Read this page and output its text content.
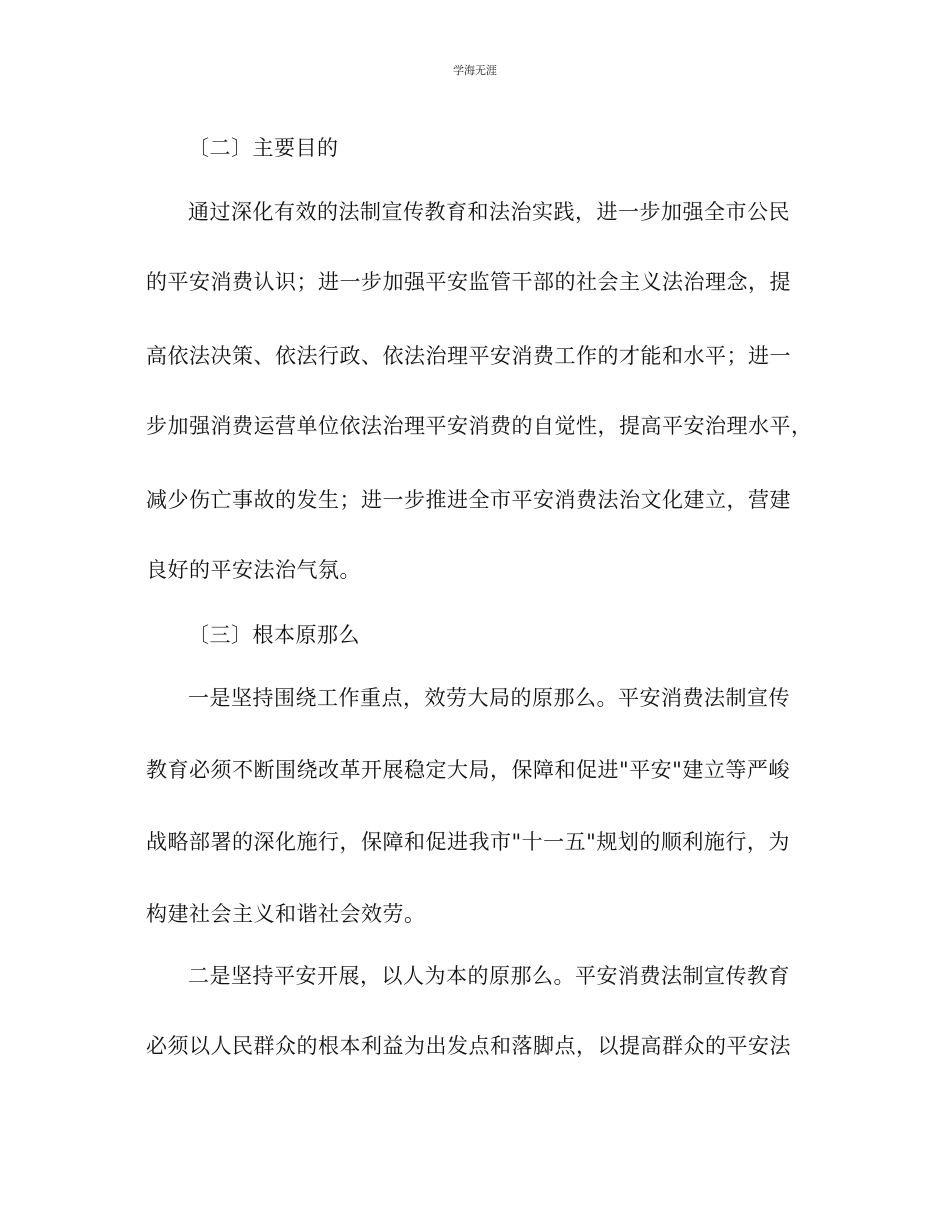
学海无涯
〔二〕主要目的
通过深化有效的法制宣传教育和法治实践，进一步加强全市公民
的平安消费认识；进一步加强平安监管干部的社会主义法治理念，提
高依法决策、依法行政、依法治理平安消费工作的才能和水平；进一
步加强消费运营单位依法治理平安消费的自觉性，提高平安治理水平，
减少伤亡事故的发生；进一步推进全市平安消费法治文化建立，营建
良好的平安法治气氛。
〔三〕根本原那么
一是坚持围绕工作重点，效劳大局的原那么。平安消费法制宣传
教育必须不断围绕改革开展稳定大局，保障和促进"平安"建立等严峻
战略部署的深化施行，保障和促进我市"十一五"规划的顺利施行，为
构建社会主义和谐社会效劳。
二是坚持平安开展，以人为本的原那么。平安消费法制宣传教育
必须以人民群众的根本利益为出发点和落脚点，以提高群众的平安法
